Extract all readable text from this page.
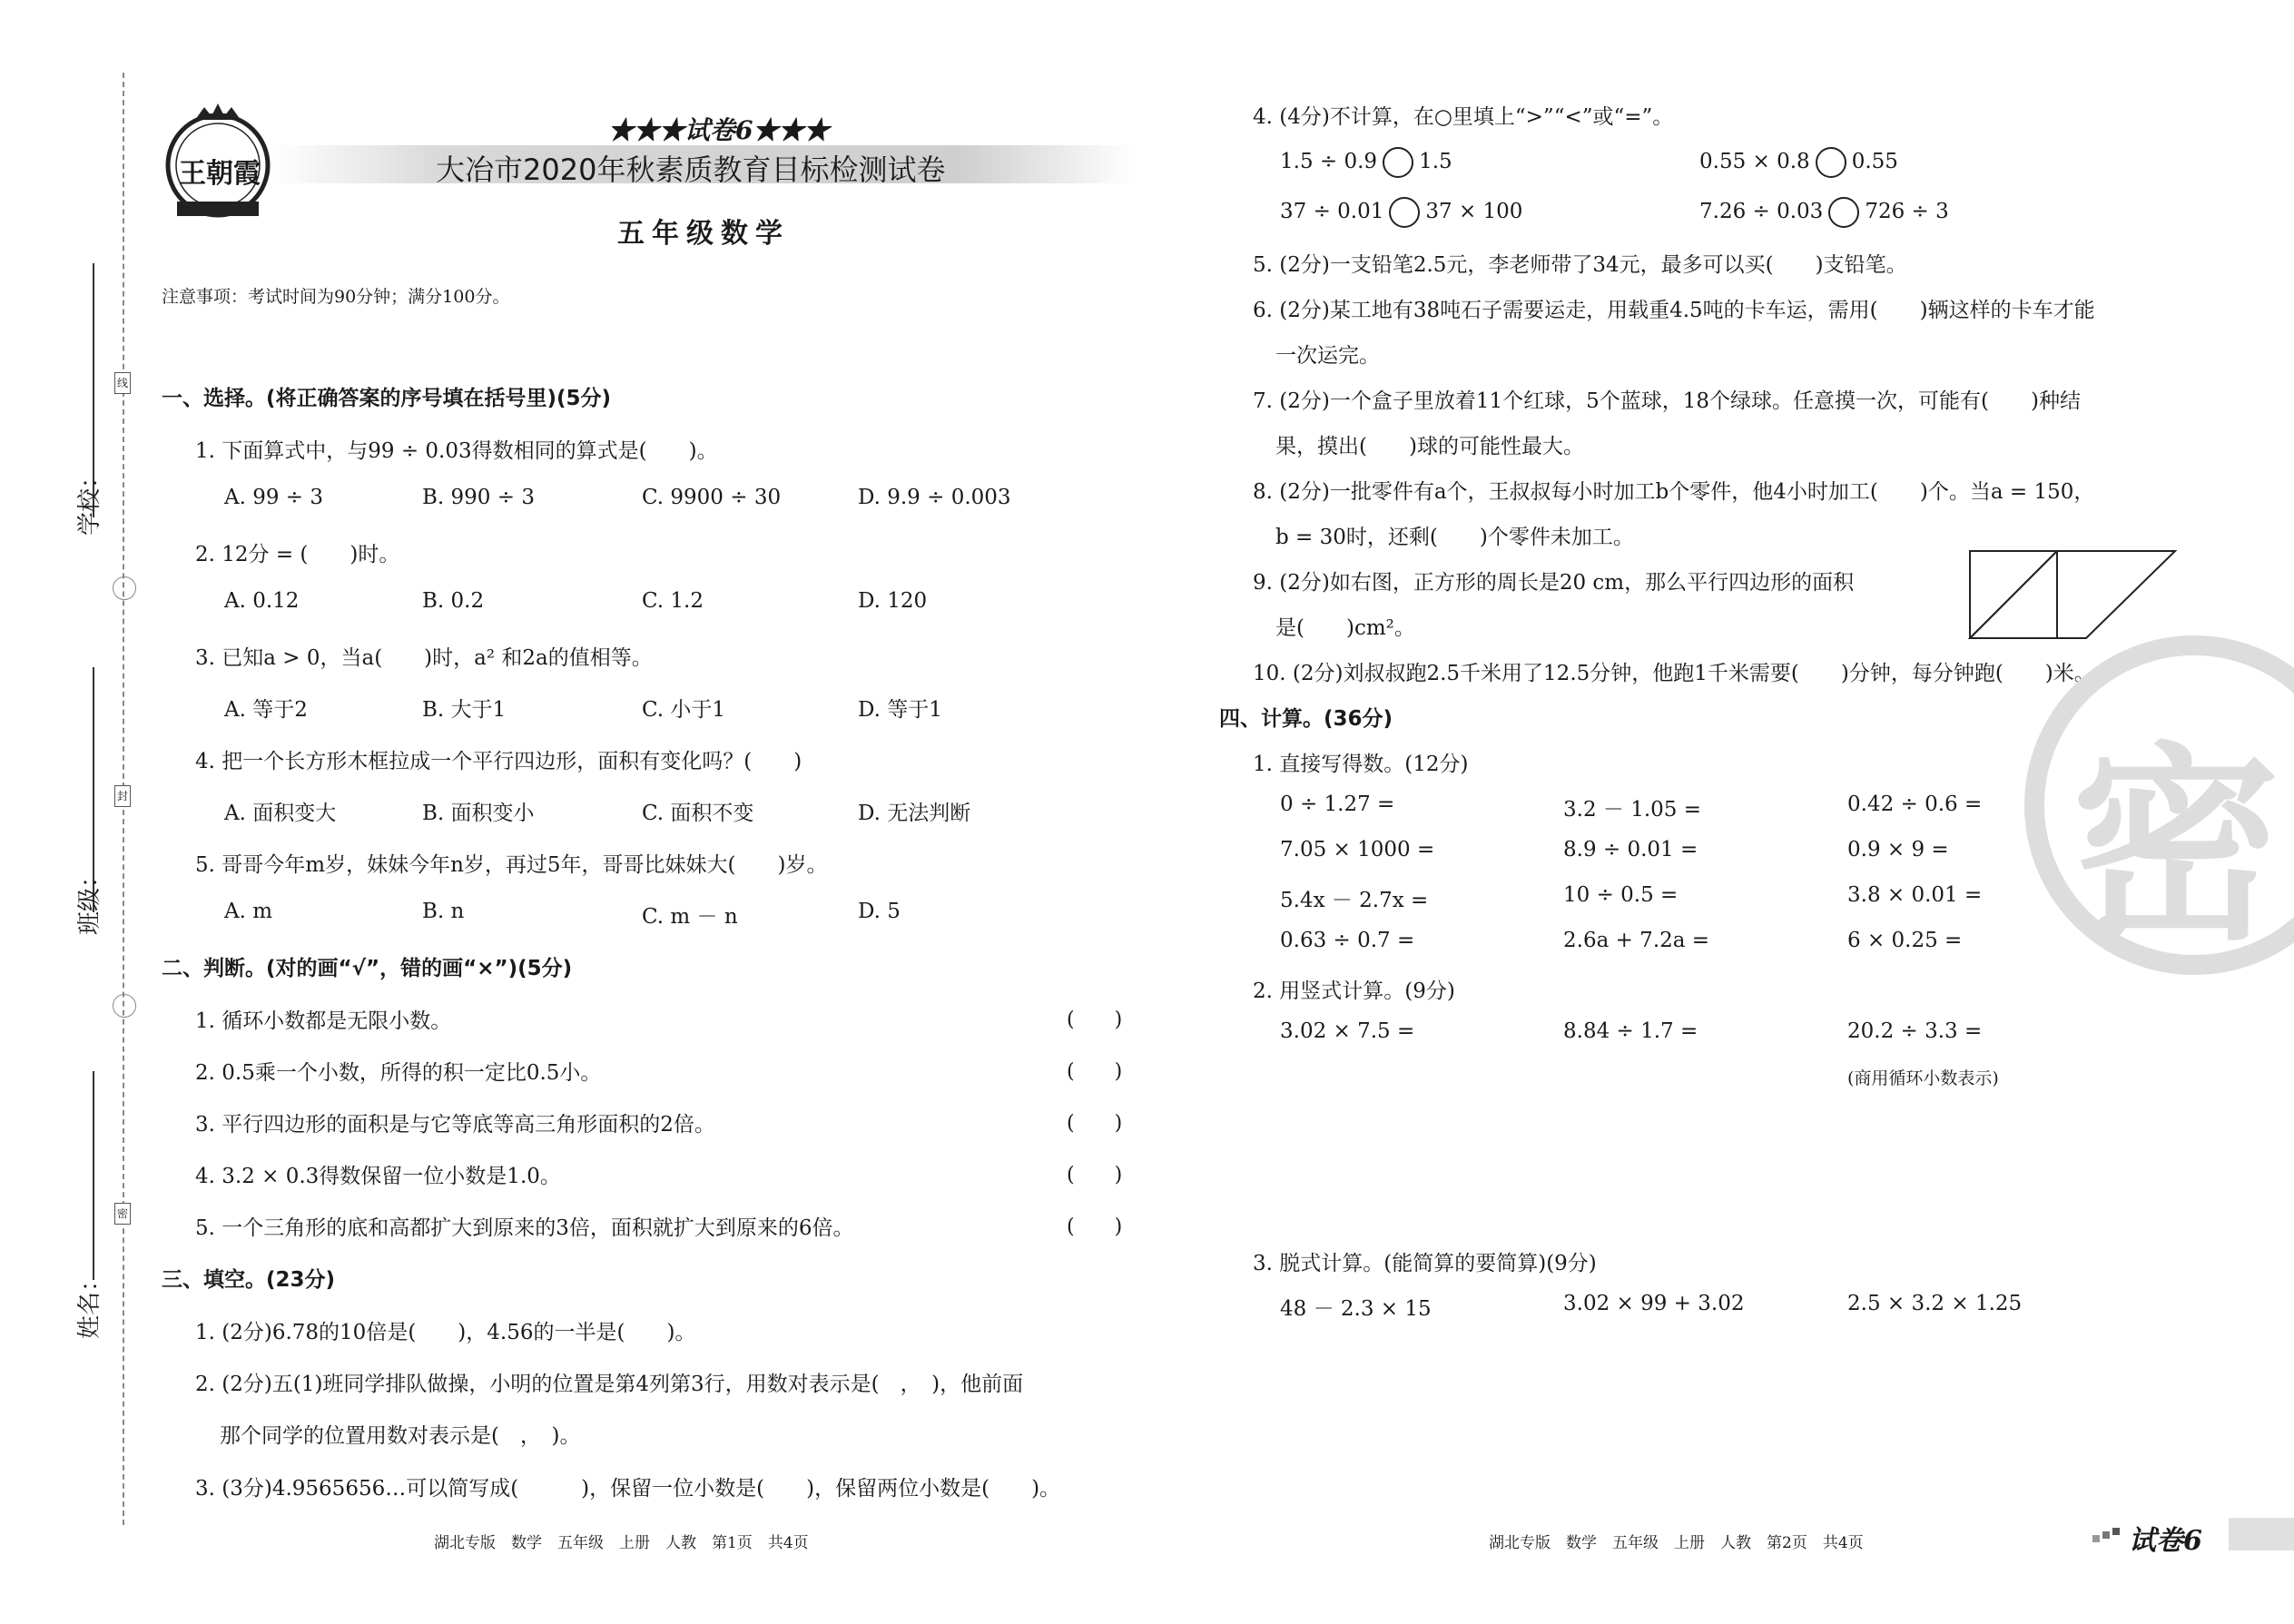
线
封
密
学校：
班级：
姓名：
王朝霞
★★★试卷6★★★
大冶市2020年秋素质教育目标检测试卷
五年级数学
注意事项：考试时间为90分钟；满分100分。
一、选择。(将正确答案的序号填在括号里)(5分)
1. 下面算式中，与99 ÷ 0.03得数相同的算式是(　　)。
A. 99 ÷ 3	B. 990 ÷ 3	C. 9900 ÷ 30	D. 9.9 ÷ 0.003
2. 12分 = (　　)时。
A. 0.12	B. 0.2	C. 1.2	D. 120
3. 已知a > 0，当a(　　)时，a² 和2a的值相等。
A. 等于2	B. 大于1	C. 小于1	D. 等于1
4. 把一个长方形木框拉成一个平行四边形，面积有变化吗？(　　)
A. 面积变大	B. 面积变小	C. 面积不变	D. 无法判断
5. 哥哥今年m岁，妹妹今年n岁，再过5年，哥哥比妹妹大(　　)岁。
A. m	B. n	C. m － n	D. 5
二、判断。(对的画“√”，错的画“×”)(5分)
1. 循环小数都是无限小数。	(　　)
2. 0.5乘一个小数，所得的积一定比0.5小。	(　　)
3. 平行四边形的面积是与它等底等高三角形面积的2倍。	(　　)
4. 3.2 × 0.3得数保留一位小数是1.0。	(　　)
5. 一个三角形的底和高都扩大到原来的3倍，面积就扩大到原来的6倍。	(　　)
三、填空。(23分)
1. (2分)6.78的10倍是(　　)，4.56的一半是(　　)。
2. (2分)五(1)班同学排队做操，小明的位置是第4列第3行，用数对表示是(　，　)，他前面
那个同学的位置用数对表示是(　，　)。
3. (3分)4.9565656…可以简写成(　　　)，保留一位小数是(　　)，保留两位小数是(　　)。
湖北专版　数学　五年级　上册　人教　第1页　共4页
4. (4分)不计算，在○里填上“>”“<”或“=”。
1.5 ÷ 0.9 1.5	0.55 × 0.8 0.55
37 ÷ 0.01 37 × 100	7.26 ÷ 0.03 726 ÷ 3
5. (2分)一支铅笔2.5元，李老师带了34元，最多可以买(　　)支铅笔。
6. (2分)某工地有38吨石子需要运走，用载重4.5吨的卡车运，需用(　　)辆这样的卡车才能
一次运完。
7. (2分)一个盒子里放着11个红球，5个蓝球，18个绿球。任意摸一次，可能有(　　)种结
果，摸出(　　)球的可能性最大。
8. (2分)一批零件有a个，王叔叔每小时加工b个零件，他4小时加工(　　)个。当a = 150，
b = 30时，还剩(　　)个零件未加工。
9. (2分)如右图，正方形的周长是20 cm，那么平行四边形的面积
是(　　)cm²。
10. (2分)刘叔叔跑2.5千米用了12.5分钟，他跑1千米需要(　　)分钟，每分钟跑(　　)米。
四、计算。(36分)
1. 直接写得数。(12分)
0 ÷ 1.27 =	3.2 － 1.05 =	0.42 ÷ 0.6 =
7.05 × 1000 =	8.9 ÷ 0.01 =	0.9 × 9 =
5.4x － 2.7x =	10 ÷ 0.5 =	3.8 × 0.01 =
0.63 ÷ 0.7 =	2.6a + 7.2a =	6 × 0.25 =
2. 用竖式计算。(9分)
3.02 × 7.5 =	8.84 ÷ 1.7 =	20.2 ÷ 3.3 =
(商用循环小数表示)
3. 脱式计算。(能简算的要简算)(9分)
48 － 2.3 × 15	3.02 × 99 + 3.02	2.5 × 3.2 × 1.25
密
湖北专版　数学　五年级　上册　人教　第2页　共4页	试卷6
